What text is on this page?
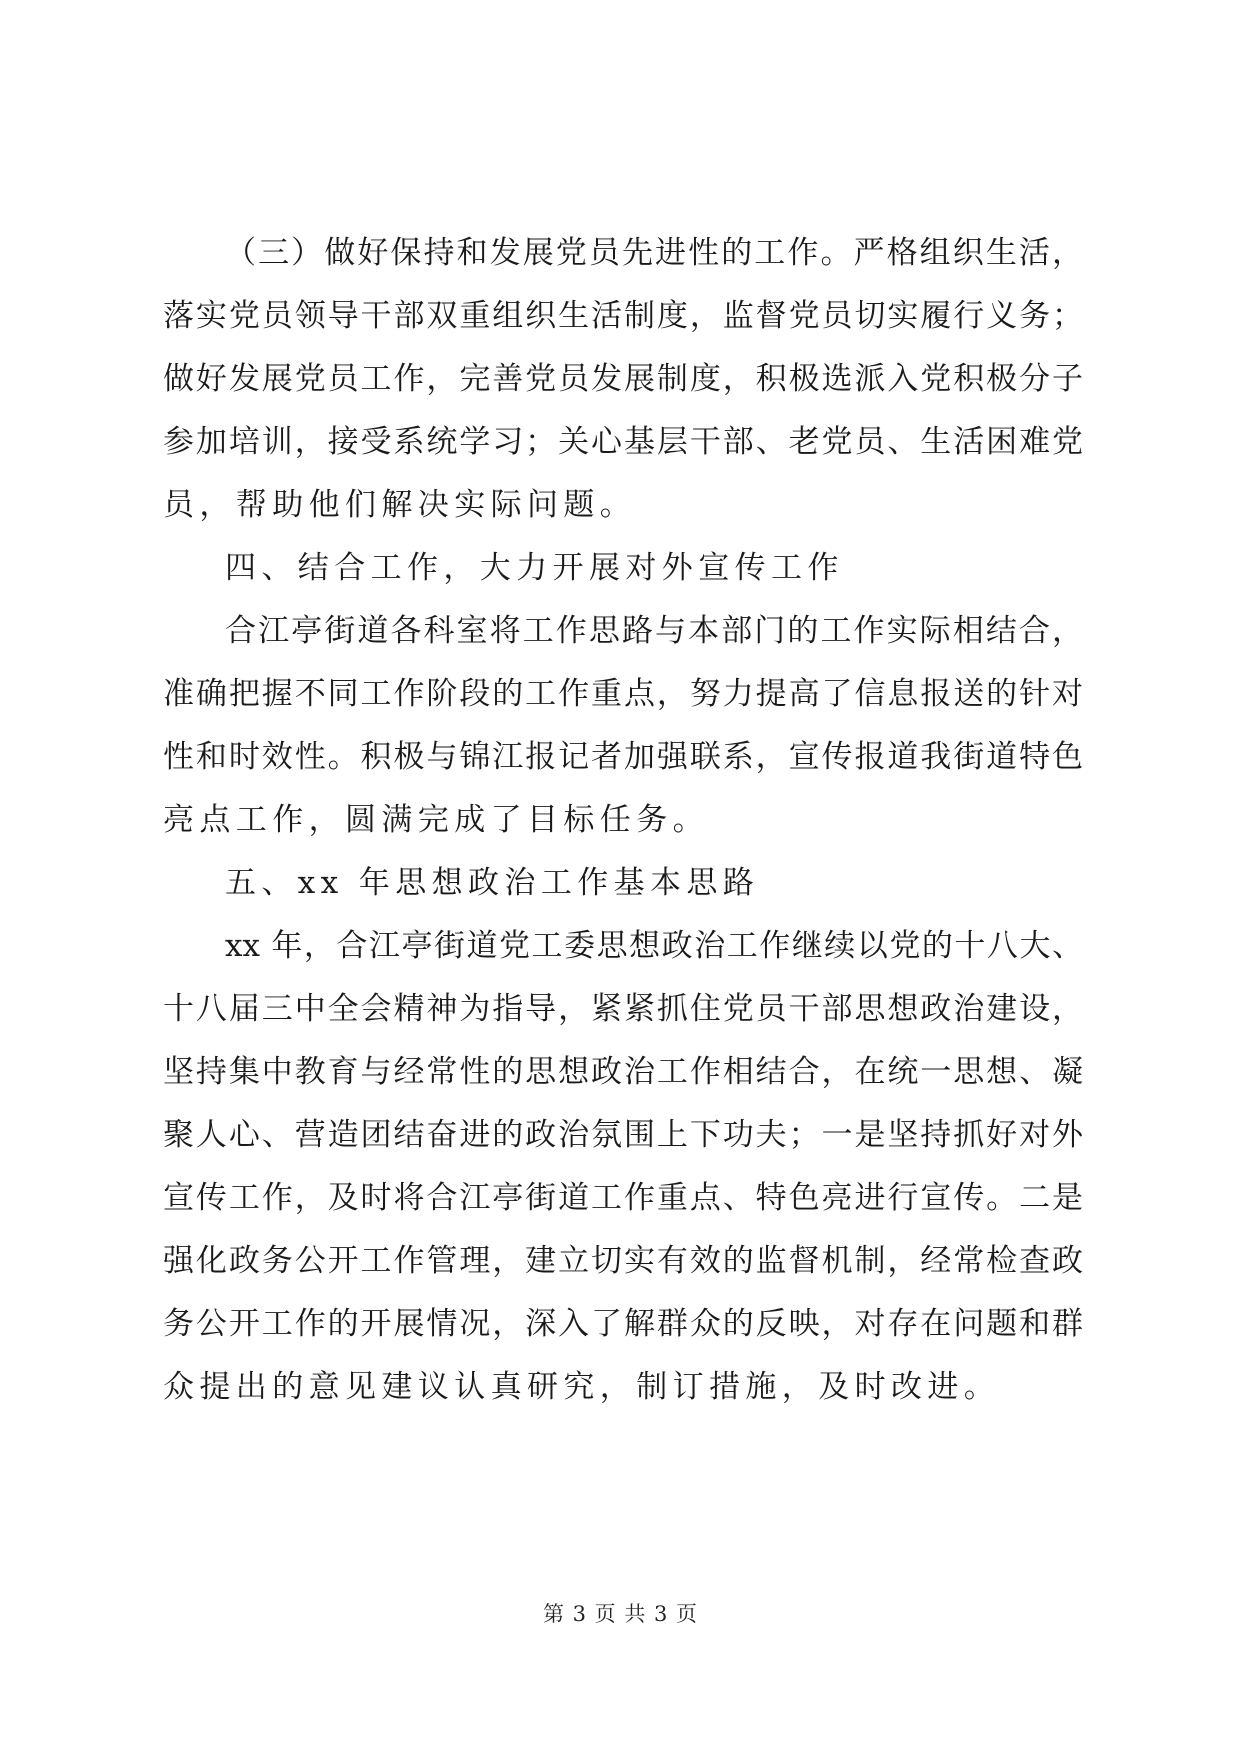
（三）做好保持和发展党员先进性的工作。严格组织生活，
落实党员领导干部双重组织生活制度，监督党员切实履行义务；
做好发展党员工作，完善党员发展制度，积极选派入党积极分子
参加培训，接受系统学习；关心基层干部、老党员、生活困难党
员，帮助他们解决实际问题。
四、结合工作，大力开展对外宣传工作
合江亭街道各科室将工作思路与本部门的工作实际相结合，
准确把握不同工作阶段的工作重点，努力提高了信息报送的针对
性和时效性。积极与锦江报记者加强联系，宣传报道我街道特色
亮点工作，圆满完成了目标任务。
五、xx 年思想政治工作基本思路
xx 年，合江亭街道党工委思想政治工作继续以党的十八大、
十八届三中全会精神为指导，紧紧抓住党员干部思想政治建设，
坚持集中教育与经常性的思想政治工作相结合，在统一思想、凝
聚人心、营造团结奋进的政治氛围上下功夫；一是坚持抓好对外
宣传工作，及时将合江亭街道工作重点、特色亮进行宣传。二是
强化政务公开工作管理，建立切实有效的监督机制，经常检查政
务公开工作的开展情况，深入了解群众的反映，对存在问题和群
众提出的意见建议认真研究，制订措施，及时改进。
第 3 页 共 3 页
